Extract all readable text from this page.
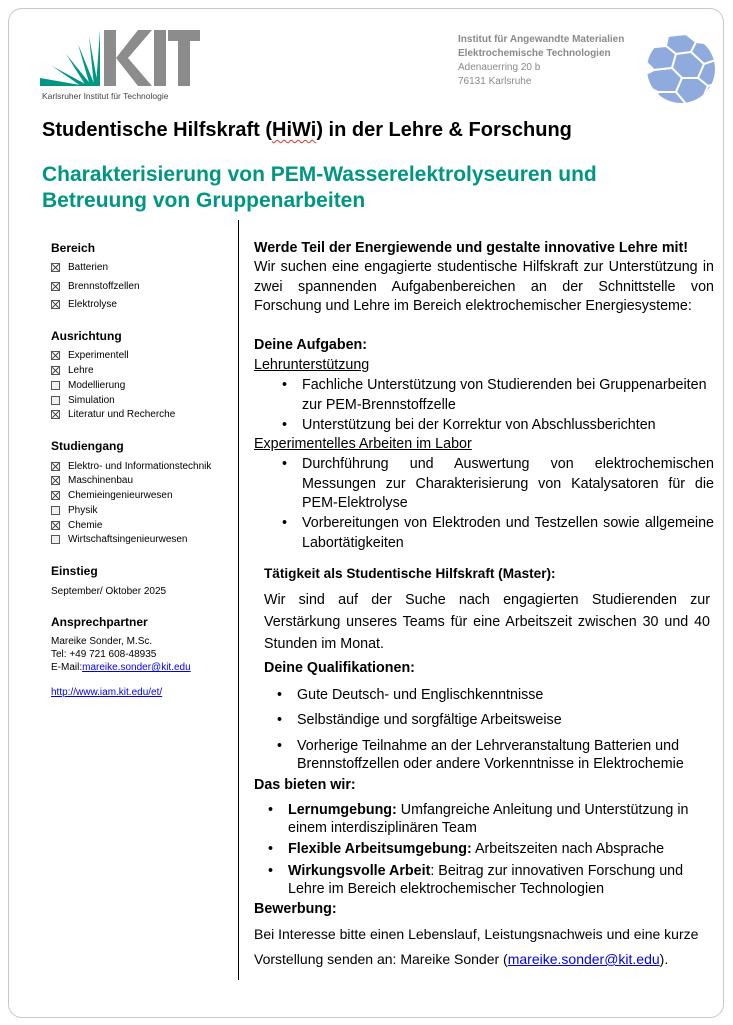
Karlsruher Institut für Technologie
Institut für Angewandte Materialien
Elektrochemische Technologien
Adenauerring 20 b
76131 Karlsruhe
Studentische Hilfskraft (HiWi) in der Lehre & Forschung
Charakterisierung von PEM-Wasserelektrolyseuren und Betreuung von Gruppenarbeiten
Bereich
Batterien
Brennstoffzellen
Elektrolyse
Ausrichtung
Experimentell
Lehre
Modellierung
Simulation
Literatur und Recherche
Studiengang
Elektro- und Informationstechnik
Maschinenbau
Chemieingenieurwesen
Physik
Chemie
Wirtschaftsingenieurwesen
Einstieg
September/ Oktober 2025
Ansprechpartner
Mareike Sonder, M.Sc.
Tel: +49 721 608-48935
E-Mail:mareike.sonder@kit.edu
http://www.iam.kit.edu/et/
Werde Teil der Energiewende und gestalte innovative Lehre mit!
Wir suchen eine engagierte studentische Hilfskraft zur Unterstützung in zwei spannenden Aufgabenbereichen an der Schnittstelle von Forschung und Lehre im Bereich elektrochemischer Energiesysteme:
Deine Aufgaben:
Lehrunterstützung
• Fachliche Unterstützung von Studierenden bei Gruppenarbeiten zur PEM-Brennstoffzelle
• Unterstützung bei der Korrektur von Abschlussberichten
Experimentelles Arbeiten im Labor
• Durchführung und Auswertung von elektrochemischen Messungen zur Charakterisierung von Katalysatoren für die PEM-Elektrolyse
• Vorbereitungen von Elektroden und Testzellen sowie allgemeine Labortätigkeiten
Tätigkeit als Studentische Hilfskraft (Master):
Wir sind auf der Suche nach engagierten Studierenden zur Verstärkung unseres Teams für eine Arbeitszeit zwischen 30 und 40 Stunden im Monat.
Deine Qualifikationen:
• Gute Deutsch- und Englischkenntnisse
• Selbständige und sorgfältige Arbeitsweise
• Vorherige Teilnahme an der Lehrveranstaltung Batterien und Brennstoffzellen oder andere Vorkenntnisse in Elektrochemie
Das bieten wir:
• Lernumgebung: Umfangreiche Anleitung und Unterstützung in einem interdisziplinären Team
• Flexible Arbeitsumgebung: Arbeitszeiten nach Absprache
• Wirkungsvolle Arbeit: Beitrag zur innovativen Forschung und Lehre im Bereich elektrochemischer Technologien
Bewerbung:
Bei Interesse bitte einen Lebenslauf, Leistungsnachweis und eine kurze
Vorstellung senden an: Mareike Sonder (mareike.sonder@kit.edu).
